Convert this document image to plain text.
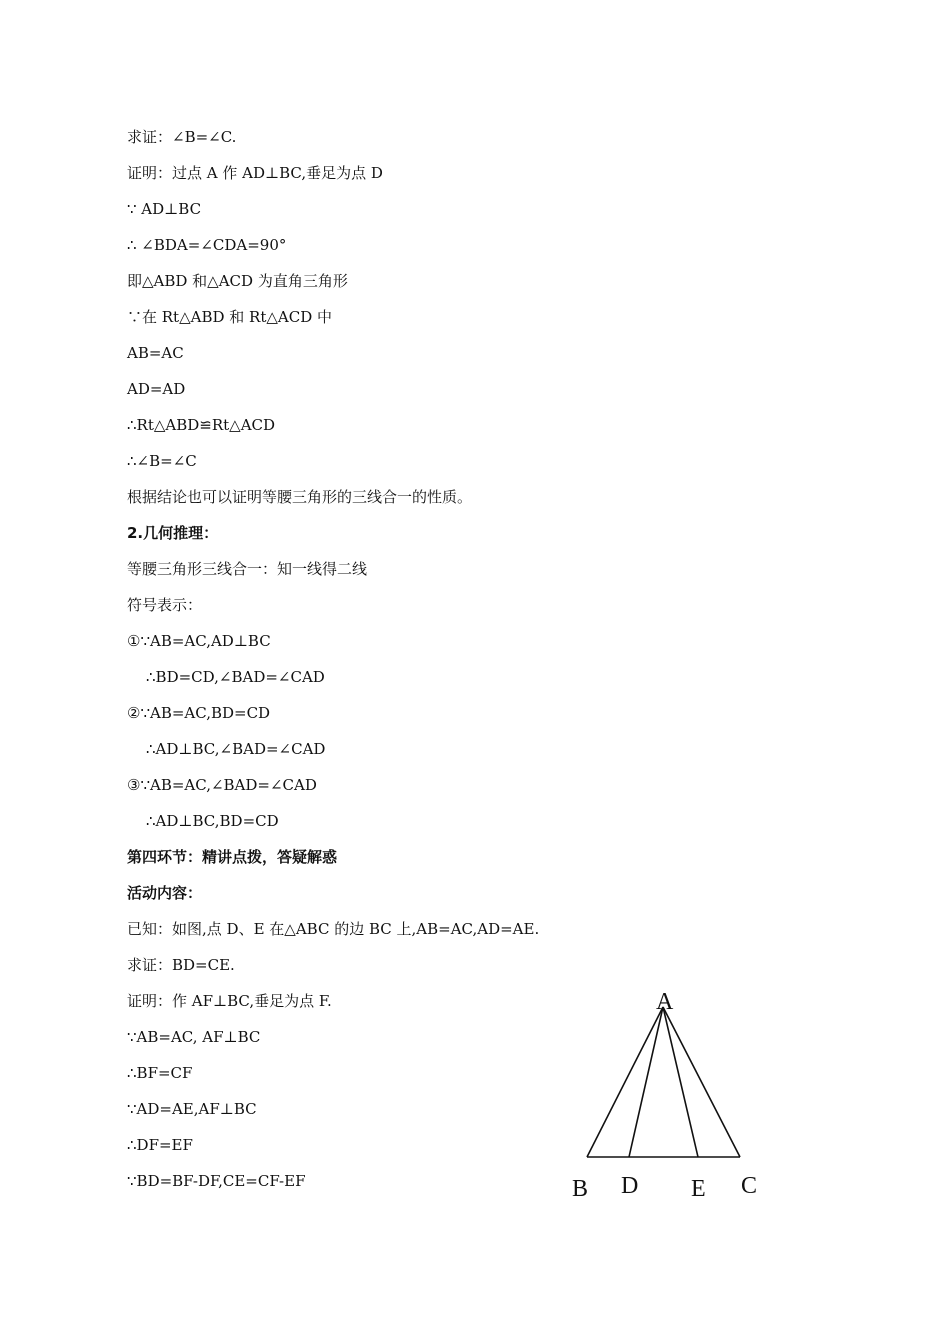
求证：∠B=∠C.
证明：过点 A 作 AD⊥BC,垂足为点 D
∵ AD⊥BC
∴ ∠BDA=∠CDA=90°
即△ABD 和△ACD 为直角三角形
∵在 Rt△ABD 和 Rt△ACD 中
AB=AC
AD=AD
∴Rt△ABD≌Rt△ACD
∴∠B=∠C
根据结论也可以证明等腰三角形的三线合一的性质。
2.几何推理：
等腰三角形三线合一：知一线得二线
符号表示：
①∵AB=AC,AD⊥BC
∴BD=CD,∠BAD=∠CAD
②∵AB=AC,BD=CD
∴AD⊥BC,∠BAD=∠CAD
③∵AB=AC,∠BAD=∠CAD
∴AD⊥BC,BD=CD
第四环节：精讲点拨，答疑解惑
活动内容：
已知：如图,点 D、E 在△ABC 的边 BC 上,AB=AC,AD=AE.
求证：BD=CE.
证明：作 AF⊥BC,垂足为点 F.
∵AB=AC, AF⊥BC
∴BF=CF
∵AD=AE,AF⊥BC
∴DF=EF
∵BD=BF-DF,CE=CF-EF
A
B D E C
